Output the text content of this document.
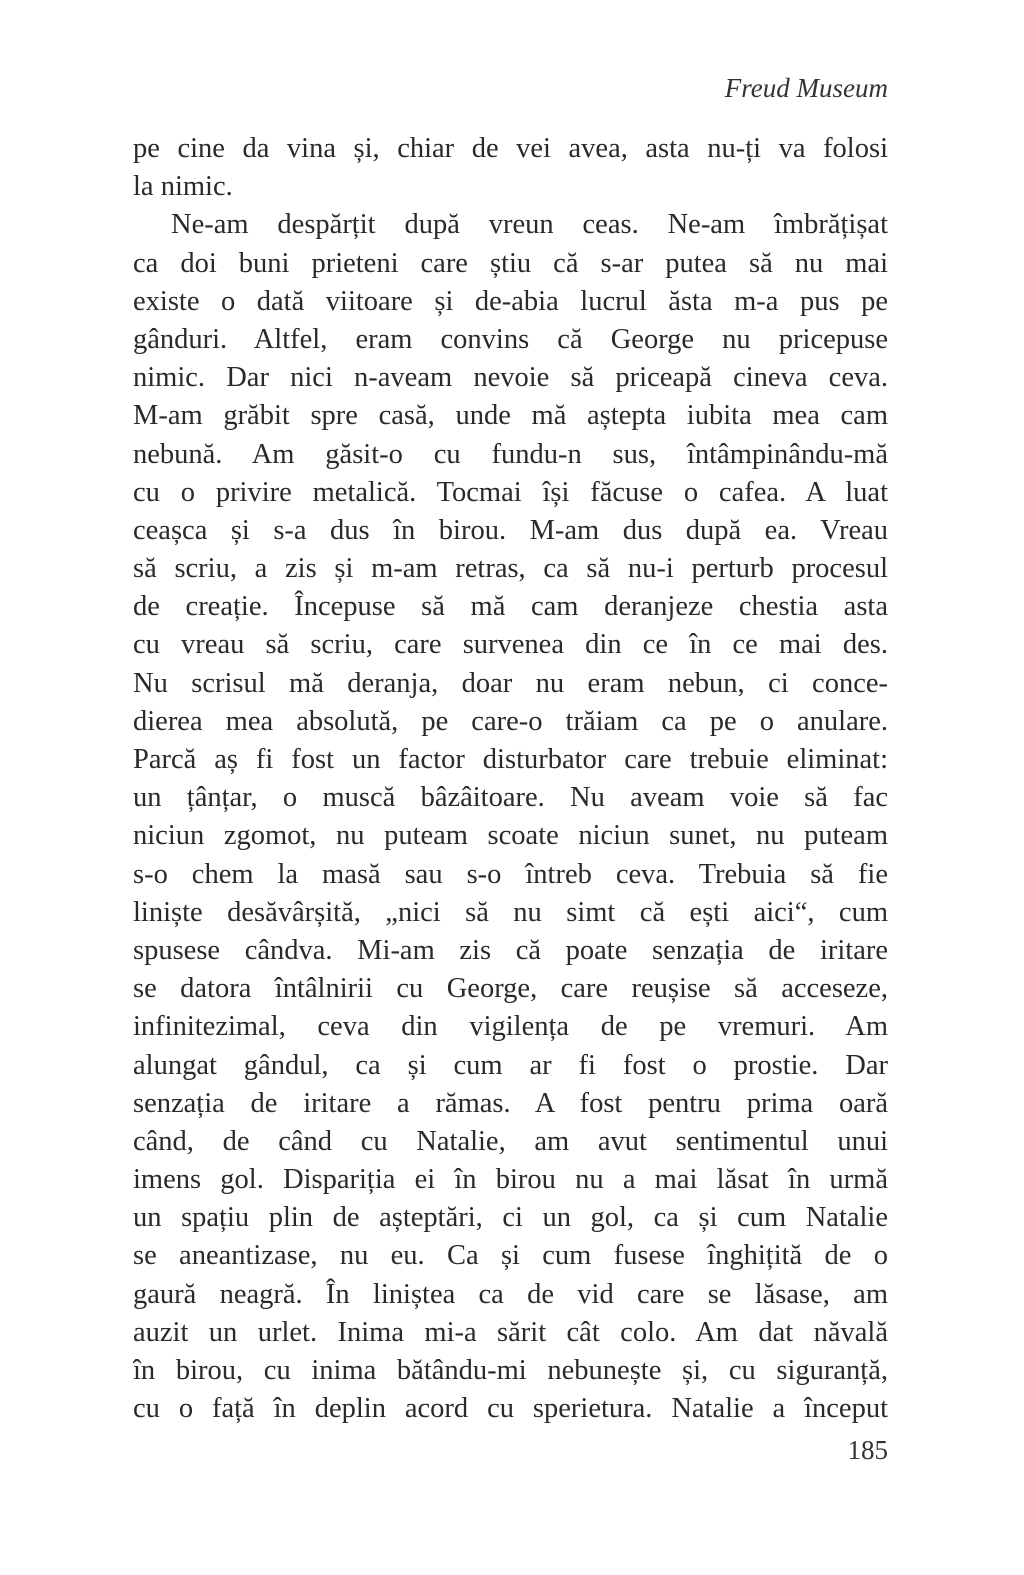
Freud Museum
pe cine da vina și, chiar de vei avea, asta nu-ți va folosi
la nimic.
Ne-am despărțit după vreun ceas. Ne-am îmbrățișat
ca doi buni prieteni care știu că s-ar putea să nu mai
existe o dată viitoare și de-abia lucrul ăsta m-a pus pe
gânduri. Altfel, eram convins că George nu pricepuse
nimic. Dar nici n-aveam nevoie să priceapă cineva ceva.
M-am grăbit spre casă, unde mă aștepta iubita mea cam
nebună. Am găsit-o cu fundu-n sus, întâmpinându-mă
cu o privire metalică. Tocmai își făcuse o cafea. A luat
ceașca și s-a dus în birou. M-am dus după ea. Vreau
să scriu, a zis și m-am retras, ca să nu-i perturb procesul
de creație. Începuse să mă cam deranjeze chestia asta
cu vreau să scriu, care survenea din ce în ce mai des.
Nu scrisul mă deranja, doar nu eram nebun, ci conce-
dierea mea absolută, pe care-o trăiam ca pe o anulare.
Parcă aș fi fost un factor disturbator care trebuie eliminat:
un țânțar, o muscă bâzâitoare. Nu aveam voie să fac
niciun zgomot, nu puteam scoate niciun sunet, nu puteam
s-o chem la masă sau s-o întreb ceva. Trebuia să fie
liniște desăvârșită, „nici să nu simt că ești aici“, cum
spusese cândva. Mi-am zis că poate senzația de iritare
se datora întâlnirii cu George, care reușise să acceseze,
infinitezimal, ceva din vigilența de pe vremuri. Am
alungat gândul, ca și cum ar fi fost o prostie. Dar
senzația de iritare a rămas. A fost pentru prima oară
când, de când cu Natalie, am avut sentimentul unui
imens gol. Dispariția ei în birou nu a mai lăsat în urmă
un spațiu plin de așteptări, ci un gol, ca și cum Natalie
se aneantizase, nu eu. Ca și cum fusese înghițită de o
gaură neagră. În liniștea ca de vid care se lăsase, am
auzit un urlet. Inima mi-a sărit cât colo. Am dat năvală
în birou, cu inima bătându-mi nebunește și, cu siguranță,
cu o față în deplin acord cu sperietura. Natalie a început
185
